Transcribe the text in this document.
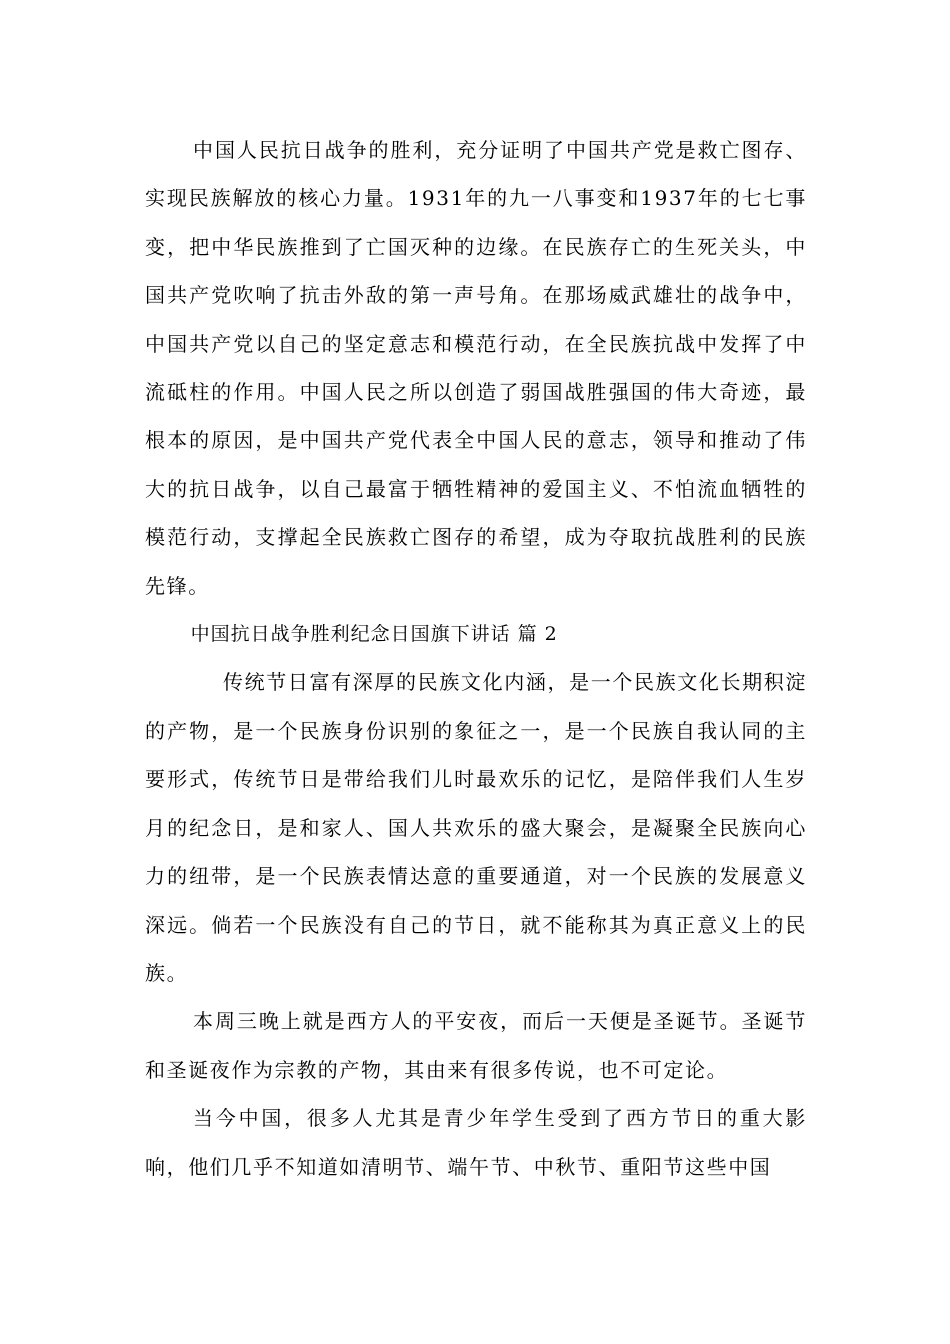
中国人民抗日战争的胜利，充分证明了中国共产党是救亡图存、实现民族解放的核心力量。1931年的九一八事变和1937年的七七事变，把中华民族推到了亡国灭种的边缘。在民族存亡的生死关头，中国共产党吹响了抗击外敌的第一声号角。在那场威武雄壮的战争中，中国共产党以自己的坚定意志和模范行动，在全民族抗战中发挥了中流砥柱的作用。中国人民之所以创造了弱国战胜强国的伟大奇迹，最根本的原因，是中国共产党代表全中国人民的意志，领导和推动了伟大的抗日战争，以自己最富于牺牲精神的爱国主义、不怕流血牺牲的模范行动，支撑起全民族救亡图存的希望，成为夺取抗战胜利的民族先锋。

中国抗日战争胜利纪念日国旗下讲话 篇 2

传统节日富有深厚的民族文化内涵，是一个民族文化长期积淀的产物，是一个民族身份识别的象征之一，是一个民族自我认同的主要形式，传统节日是带给我们儿时最欢乐的记忆，是陪伴我们人生岁月的纪念日，是和家人、国人共欢乐的盛大聚会，是凝聚全民族向心力的纽带，是一个民族表情达意的重要通道，对一个民族的发展意义深远。倘若一个民族没有自己的节日，就不能称其为真正意义上的民族。

本周三晚上就是西方人的平安夜，而后一天便是圣诞节。圣诞节和圣诞夜作为宗教的产物，其由来有很多传说，也不可定论。

当今中国，很多人尤其是青少年学生受到了西方节日的重大影响，他们几乎不知道如清明节、端午节、中秋节、重阳节这些中国
